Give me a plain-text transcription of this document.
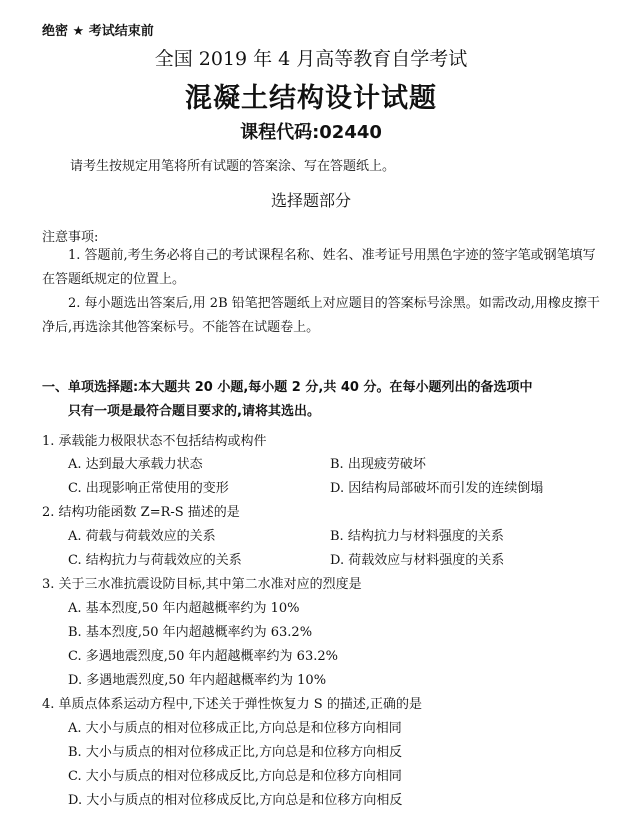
绝密 ★ 考试结束前
全国 2019 年 4 月高等教育自学考试
混凝土结构设计试题
课程代码:02440
请考生按规定用笔将所有试题的答案涂、写在答题纸上。
选择题部分
注意事项:
1. 答题前,考生务必将自己的考试课程名称、姓名、准考证号用黑色字迹的签字笔或钢笔填写在答题纸规定的位置上。
2. 每小题选出答案后,用 2B 铅笔把答题纸上对应题目的答案标号涂黑。如需改动,用橡皮擦干净后,再选涂其他答案标号。不能答在试题卷上。
一、单项选择题:本大题共 20 小题,每小题 2 分,共 40 分。在每小题列出的备选项中
只有一项是最符合题目要求的,请将其选出。
1. 承载能力极限状态不包括结构或构件
A. 达到最大承载力状态	B. 出现疲劳破坏
C. 出现影响正常使用的变形	D. 因结构局部破坏而引发的连续倒塌
2. 结构功能函数 Z=R-S 描述的是
A. 荷载与荷载效应的关系	B. 结构抗力与材料强度的关系
C. 结构抗力与荷载效应的关系	D. 荷载效应与材料强度的关系
3. 关于三水准抗震设防目标,其中第二水准对应的烈度是
A. 基本烈度,50 年内超越概率约为 10%
B. 基本烈度,50 年内超越概率约为 63.2%
C. 多遇地震烈度,50 年内超越概率约为 63.2%
D. 多遇地震烈度,50 年内超越概率约为 10%
4. 单质点体系运动方程中,下述关于弹性恢复力 S 的描述,正确的是
A. 大小与质点的相对位移成正比,方向总是和位移方向相同
B. 大小与质点的相对位移成正比,方向总是和位移方向相反
C. 大小与质点的相对位移成反比,方向总是和位移方向相同
D. 大小与质点的相对位移成反比,方向总是和位移方向相反
